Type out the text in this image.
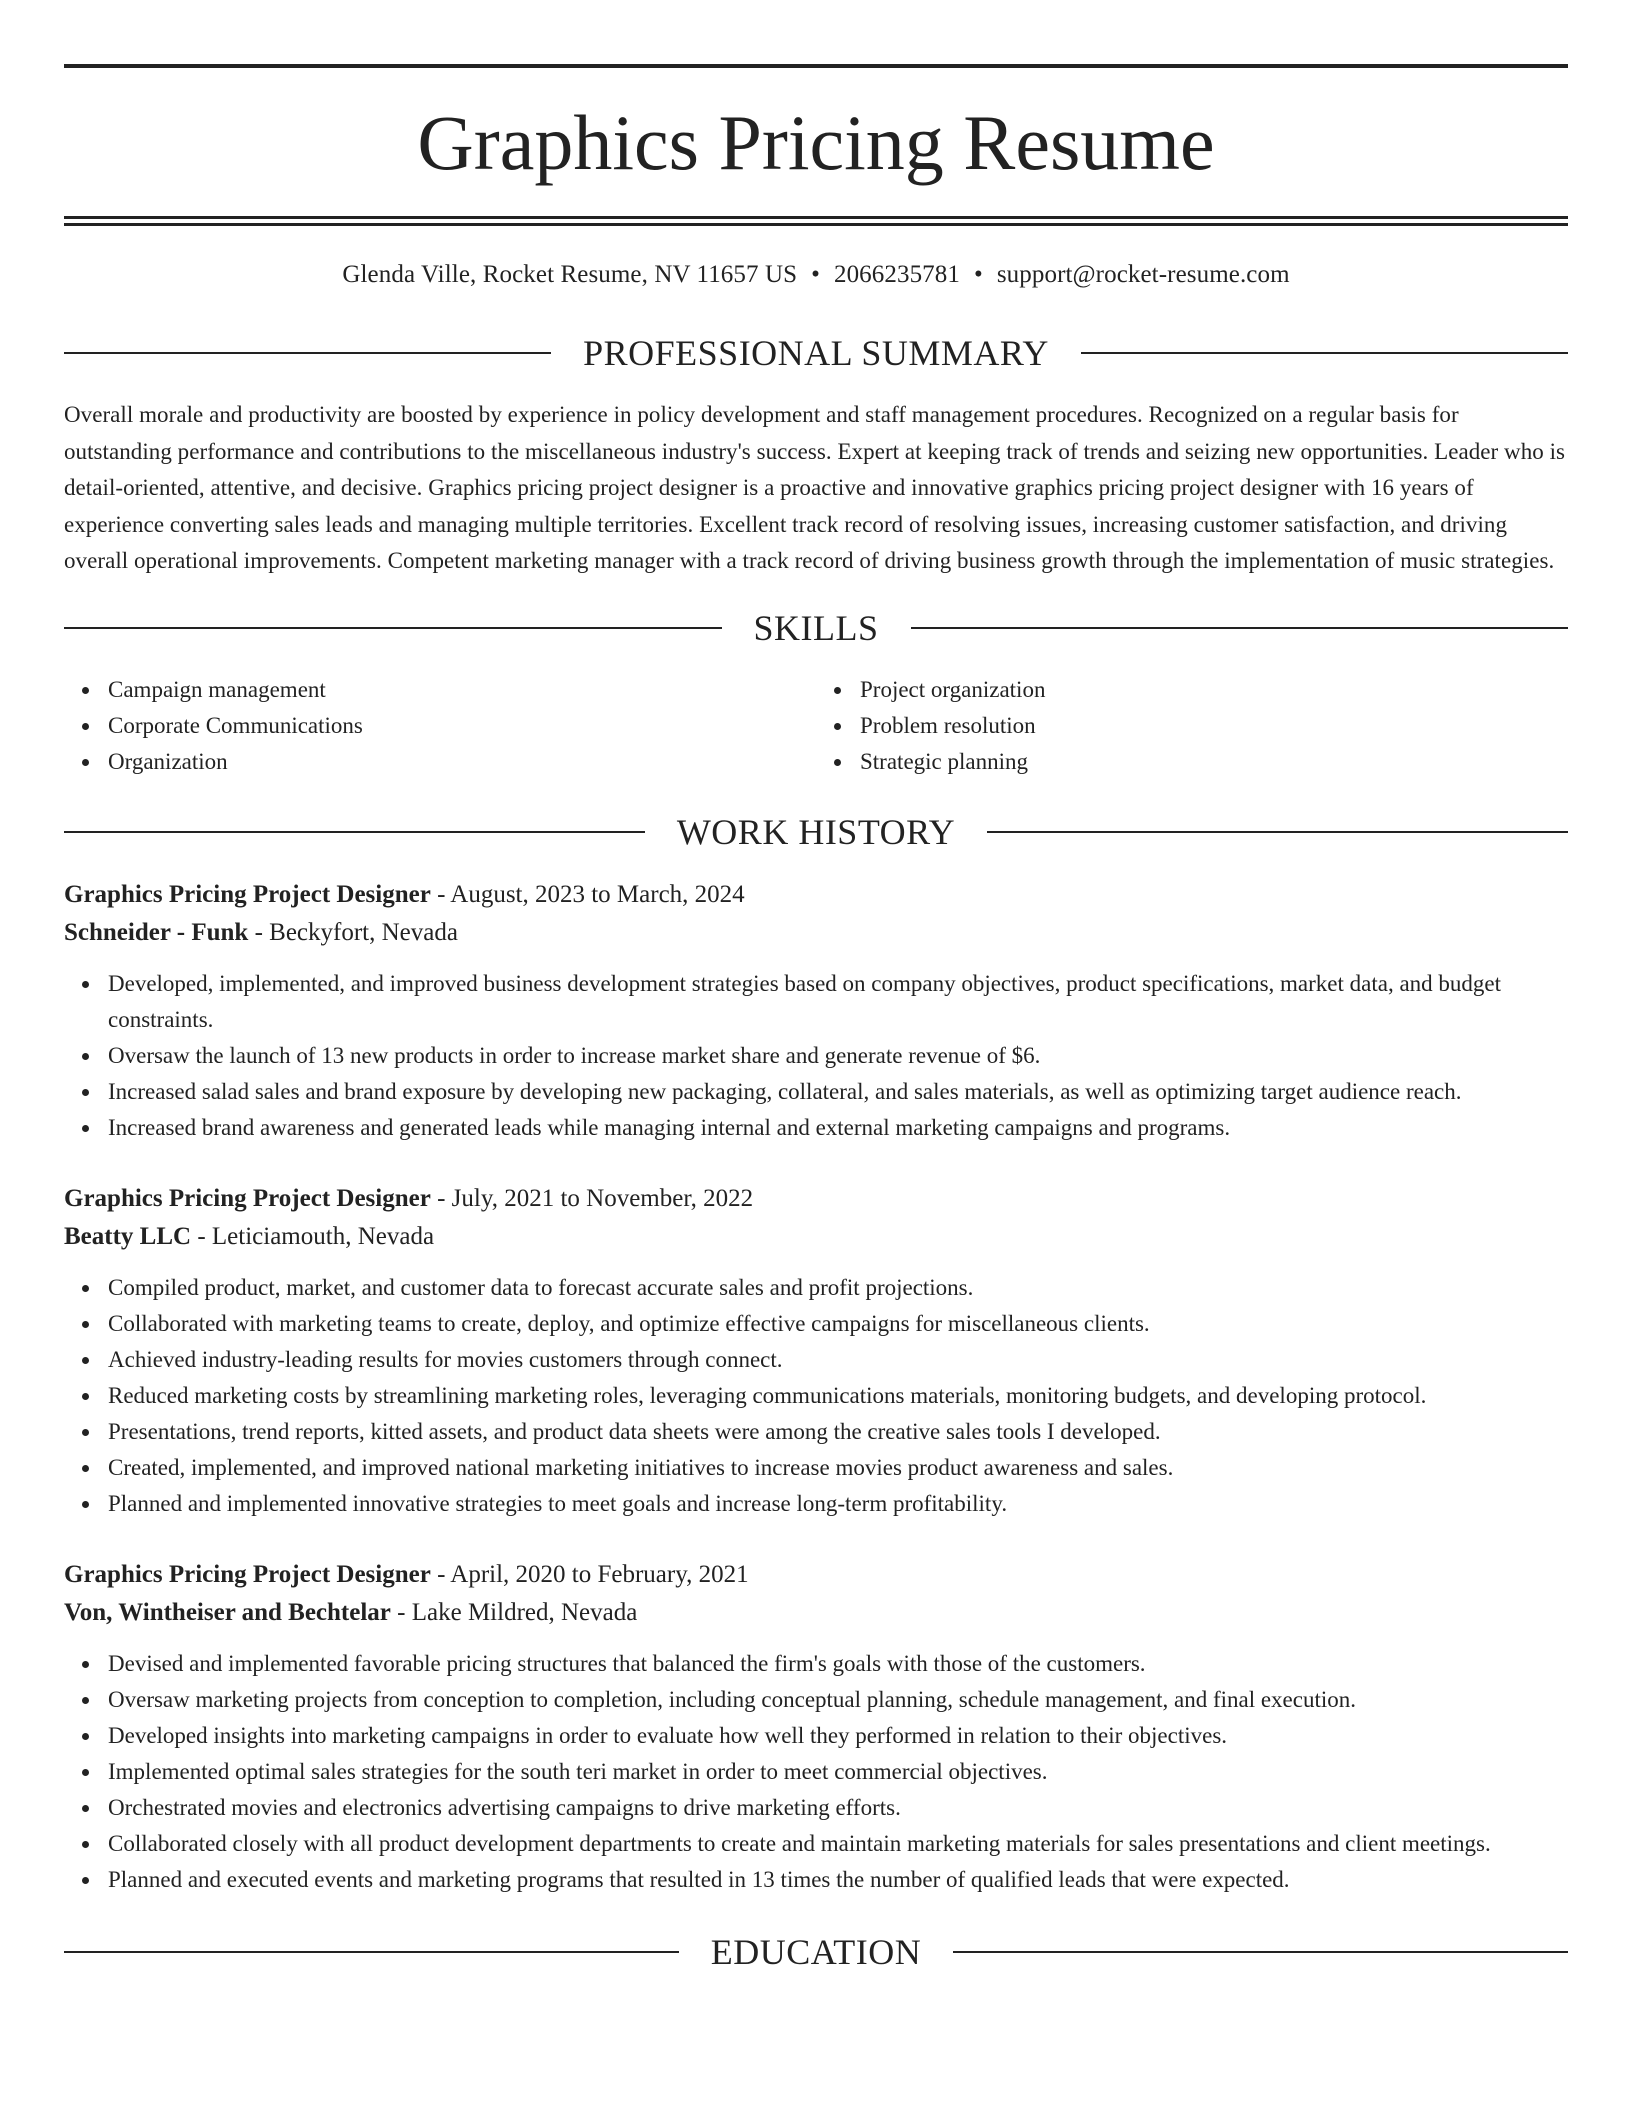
Graphics Pricing Resume
Glenda Ville, Rocket Resume, NV 11657 US • 2066235781 • support@rocket-resume.com
PROFESSIONAL SUMMARY

Overall morale and productivity are boosted by experience in policy development and staff management procedures. Recognized on a regular basis for outstanding performance and contributions to the miscellaneous industry's success. Expert at keeping track of trends and seizing new opportunities. Leader who is detail-oriented, attentive, and decisive. Graphics pricing project designer is a proactive and innovative graphics pricing project designer with 16 years of experience converting sales leads and managing multiple territories. Excellent track record of resolving issues, increasing customer satisfaction, and driving overall operational improvements. Competent marketing manager with a track record of driving business growth through the implementation of music strategies.

SKILLS
Campaign management
Corporate Communications
Organization
Project organization
Problem resolution
Strategic planning
WORK HISTORY
Graphics Pricing Project Designer - August, 2023 to March, 2024
Schneider - Funk - Beckyfort, Nevada
Developed, implemented, and improved business development strategies based on company objectives, product specifications, market data, and budget constraints.
Oversaw the launch of 13 new products in order to increase market share and generate revenue of $6.
Increased salad sales and brand exposure by developing new packaging, collateral, and sales materials, as well as optimizing target audience reach.
Increased brand awareness and generated leads while managing internal and external marketing campaigns and programs.
Graphics Pricing Project Designer - July, 2021 to November, 2022
Beatty LLC - Leticiamouth, Nevada
Compiled product, market, and customer data to forecast accurate sales and profit projections.
Collaborated with marketing teams to create, deploy, and optimize effective campaigns for miscellaneous clients.
Achieved industry-leading results for movies customers through connect.
Reduced marketing costs by streamlining marketing roles, leveraging communications materials, monitoring budgets, and developing protocol.
Presentations, trend reports, kitted assets, and product data sheets were among the creative sales tools I developed.
Created, implemented, and improved national marketing initiatives to increase movies product awareness and sales.
Planned and implemented innovative strategies to meet goals and increase long-term profitability.
Graphics Pricing Project Designer - April, 2020 to February, 2021
Von, Wintheiser and Bechtelar - Lake Mildred, Nevada
Devised and implemented favorable pricing structures that balanced the firm's goals with those of the customers.
Oversaw marketing projects from conception to completion, including conceptual planning, schedule management, and final execution.
Developed insights into marketing campaigns in order to evaluate how well they performed in relation to their objectives.
Implemented optimal sales strategies for the south teri market in order to meet commercial objectives.
Orchestrated movies and electronics advertising campaigns to drive marketing efforts.
Collaborated closely with all product development departments to create and maintain marketing materials for sales presentations and client meetings.
Planned and executed events and marketing programs that resulted in 13 times the number of qualified leads that were expected.
EDUCATION
